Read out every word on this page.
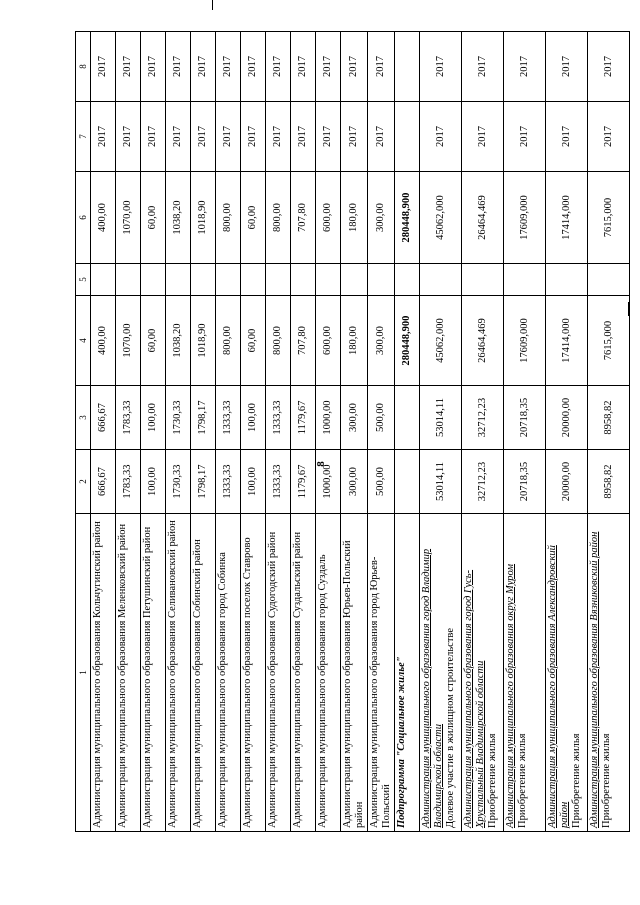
8
1	2	3	4	5	6	7	8
Администрация муниципального образования Кольчугинский район	666,67	666,67	400,00		400,00	2017	2017
Администрация муниципального образования Меленковский район	1783,33	1783,33	1070,00		1070,00	2017	2017
Администрация муниципального образования Петушинский район	100,00	100,00	60,00		60,00	2017	2017
Администрация муниципального образования Селивановский район	1730,33	1730,33	1038,20		1038,20	2017	2017
Администрация муниципального образования Собинский район	1798,17	1798,17	1018,90		1018,90	2017	2017
Администрация муниципального образования город Собинка	1333,33	1333,33	800,00		800,00	2017	2017
Администрация муниципального образования поселок Ставрово	100,00	100,00	60,00		60,00	2017	2017
Администрация муниципального образования Судогодский район	1333,33	1333,33	800,00		800,00	2017	2017
Администрация муниципального образования Суздальский район	1179,67	1179,67	707,80		707,80	2017	2017
Администрация муниципального образования город Суздаль	1000,00	1000,00	600,00		600,00	2017	2017
Администрация муниципального образования Юрьев-Польский район	300,00	300,00	180,00		180,00	2017	2017
Администрация муниципального образования город Юрьев-Польский	500,00	500,00	300,00		300,00	2017	2017
Подпрограмма "Социальное жилье"			280448,900		280448,900		

Администрация муниципального образования город Владимир Владимирской области Долевое участие в жилищном строительстве	53014,11	53014,11	45062,000		45062,000	2017	2017

Администрация муниципального образования город Гусь-Хрустальный Владимирской области Приобретение жилья	32712,23	32712,23	26464,469		26464,469	2017	2017

Администрация муниципального образования округ Муром Приобретение жилья	20718,35	20718,35	17609,000		17609,000	2017	2017

Администрация муниципального образования Александровский район Приобретение жилья	20000,00	20000,00	17414,000		17414,000	2017	2017

Администрация муниципального образования Вязниковский район Приобретение жилья	8958,82	8958,82	7615,000		7615,000	2017	2017
